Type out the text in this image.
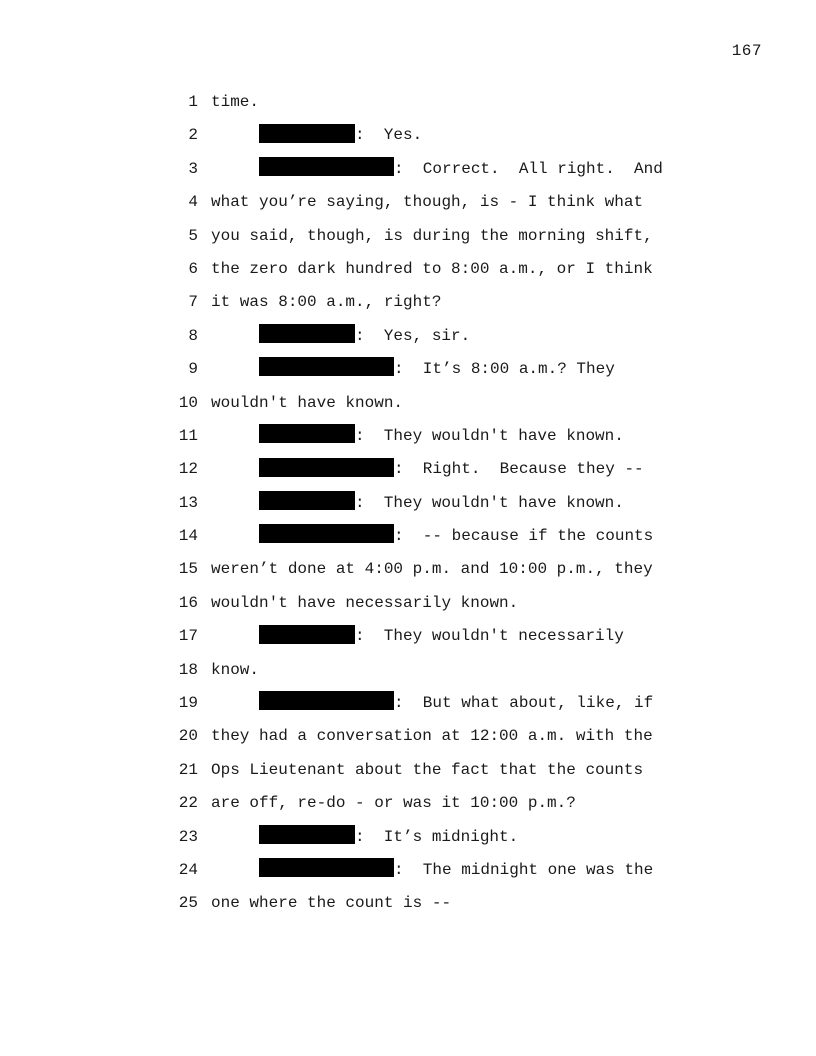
167
1 time.
2	:  Yes.
3	:  Correct.  All right.  And
4 what you’re saying, though, is - I think what
5 you said, though, is during the morning shift,
6 the zero dark hundred to 8:00 a.m., or I think
7 it was 8:00 a.m., right?
8	:  Yes, sir.
9	:  It’s 8:00 a.m.? They
10 wouldn't have known.
11	:  They wouldn't have known.
12	:  Right.  Because they --
13	:  They wouldn't have known.
14	:  -- because if the counts
15 weren’t done at 4:00 p.m. and 10:00 p.m., they
16 wouldn't have necessarily known.
17	:  They wouldn't necessarily
18 know.
19	:  But what about, like, if
20 they had a conversation at 12:00 a.m. with the
21 Ops Lieutenant about the fact that the counts
22 are off, re-do - or was it 10:00 p.m.?
23	:  It’s midnight.
24	:  The midnight one was the
25 one where the count is --
